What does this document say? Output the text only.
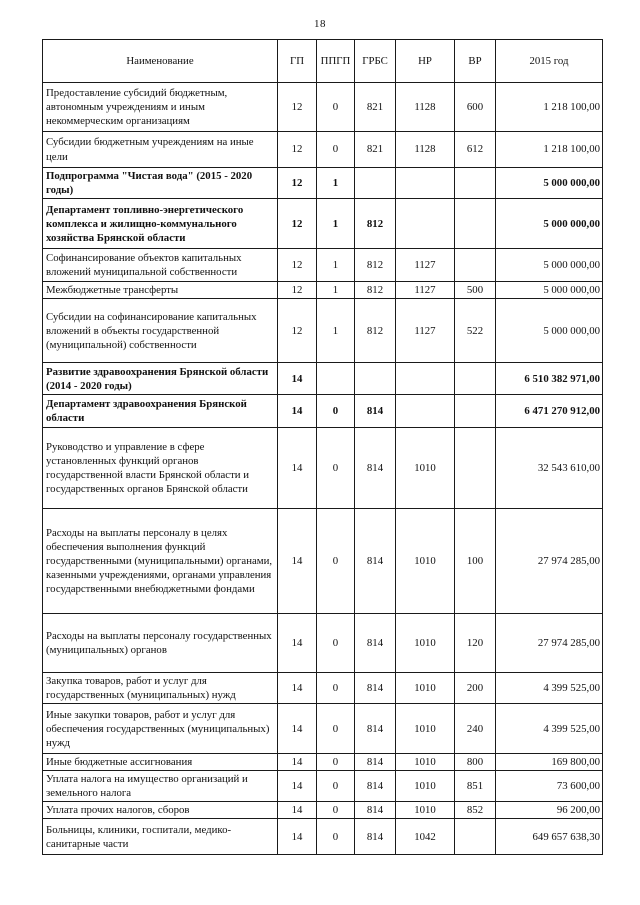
18
Наименование	ГП	ППГП	ГРБС	НР	ВР	2015 год
Предоставление субсидий бюджетным, автономным учреждениям и иным некоммерческим организациям	12	0	821	1128	600	1 218 100,00
Субсидии бюджетным учреждениям на иные цели	12	0	821	1128	612	1 218 100,00
Подпрограмма "Чистая вода" (2015 - 2020 годы)	12	1				5 000 000,00
Департамент топливно-энергетического комплекса и жилищно-коммунального хозяйства Брянской области	12	1	812			5 000 000,00
Софинансирование объектов капитальных вложений муниципальной собственности	12	1	812	1127		5 000 000,00
Межбюджетные трансферты	12	1	812	1127	500	5 000 000,00
Субсидии на софинансирование капитальных вложений в объекты государственной (муниципальной) собственности	12	1	812	1127	522	5 000 000,00
Развитие здравоохранения Брянской области (2014 - 2020 годы)	14					6 510 382 971,00
Департамент здравоохранения Брянской области	14	0	814			6 471 270 912,00
Руководство и управление в сфере установленных функций органов государственной власти Брянской области и государственных органов Брянской области	14	0	814	1010		32 543 610,00
Расходы на выплаты персоналу в целях обеспечения выполнения функций государственными (муниципальными) органами, казенными учреждениями, органами управления государственными внебюджетными фондами	14	0	814	1010	100	27 974 285,00
Расходы на выплаты персоналу государственных (муниципальных) органов	14	0	814	1010	120	27 974 285,00
Закупка товаров, работ и услуг для государственных (муниципальных) нужд	14	0	814	1010	200	4 399 525,00
Иные закупки товаров, работ и услуг для обеспечения государственных (муниципальных) нужд	14	0	814	1010	240	4 399 525,00
Иные бюджетные ассигнования	14	0	814	1010	800	169 800,00
Уплата налога на имущество организаций и земельного налога	14	0	814	1010	851	73 600,00
Уплата прочих налогов, сборов	14	0	814	1010	852	96 200,00
Больницы, клиники, госпитали, медико-санитарные части	14	0	814	1042		649 657 638,30
